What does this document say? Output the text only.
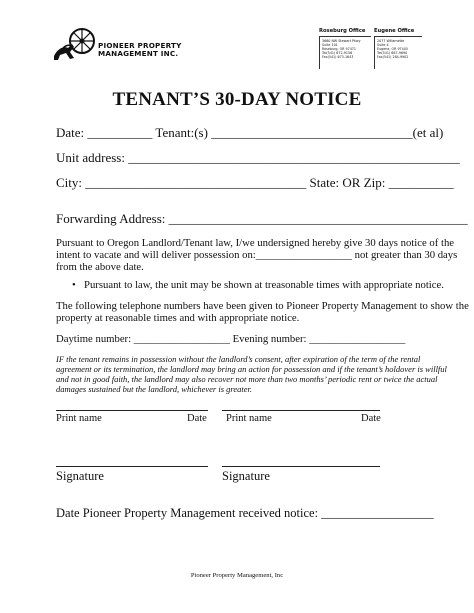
PIONEER PROPERTY
MANAGEMENT INC.
Roseburg Office
3660 NW Stewart Pkwy
Suite 101
Roseburg, OR 97471
Tel(541) 672-9156
Fax(541) 673-1643
Eugene Office
2077 Willamette
Suite 4
Eugene, OR 97405
Tel(541) 687-9690
Fax(541) 284-9902
TENANT’S 30-DAY NOTICE
Date: __________ Tenant:(s) _______________________________(et al)
Unit address: ___________________________________________________
City: __________________________________ State: OR Zip: __________
Forwarding Address: ______________________________________________
Pursuant to Oregon Landlord/Tenant law, I/we undersigned hereby give 30 days notice of the
intent to vacate and will deliver possession on:__________________ not greater than 30 days
from the above date.
• Pursuant to law, the unit may be shown at treasonable times with appropriate notice.
The following telephone numbers have been given to Pioneer Property Management to show the
property at reasonable times and with appropriate notice.
Daytime number: __________________ Evening number: __________________
IF the tenant remains in possession without the landlord’s consent, after expiration of the term of the rental
agreement or its termination, the landlord may bring an action for possession and if the tenant’s holdover is willful
and not in good faith, the landlord may also recover not more than two months’ periodic rent or twice the actual
damages sustained but the landlord, whichever is greater.
Print name	Date Print name	Date
Signature	Signature
Date Pioneer Property Management received notice: __________________
Pioneer Property Management, Inc
